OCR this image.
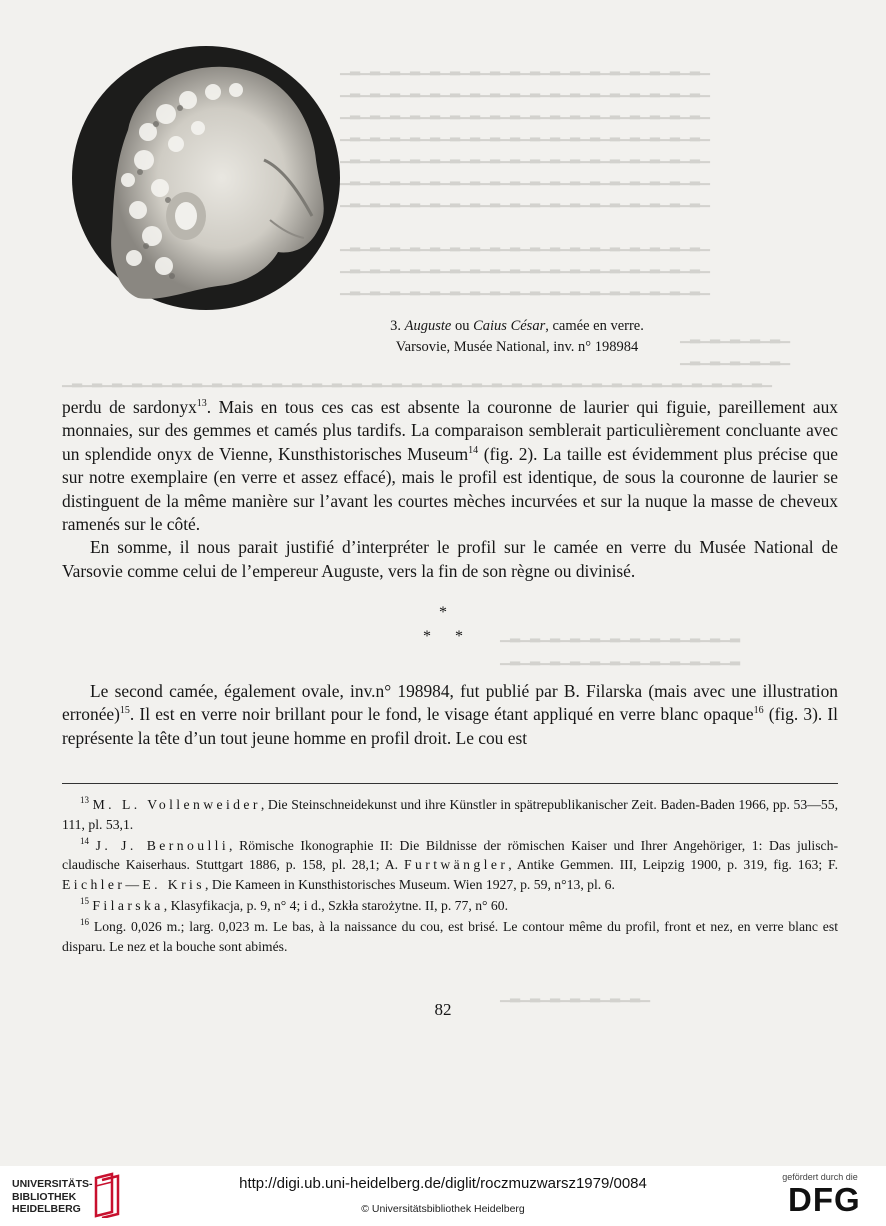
▁▂▁▂▁▂▁▂▁▂▁▂▁▂▁▂▁▂▁▂▁▂▁▂▁▂▁▂▁▂▁▂▁▂▁▂▁
▁▂▁▂▁▂▁▂▁▂▁▂▁▂▁▂▁▂▁▂▁▂▁▂▁▂▁▂▁▂▁▂▁▂▁▂▁
▁▂▁▂▁▂▁▂▁▂▁▂▁▂▁▂▁▂▁▂▁▂▁▂▁▂▁▂▁▂▁▂▁▂▁▂▁
▁▂▁▂▁▂▁▂▁▂▁▂▁▂▁▂▁▂▁▂▁▂▁▂▁▂▁▂▁▂▁▂▁▂▁▂▁
▁▂▁▂▁▂▁▂▁▂▁▂▁▂▁▂▁▂▁▂▁▂▁▂▁▂▁▂▁▂▁▂▁▂▁▂▁
▁▂▁▂▁▂▁▂▁▂▁▂▁▂▁▂▁▂▁▂▁▂▁▂▁▂▁▂▁▂▁▂▁▂▁▂▁
▁▂▁▂▁▂▁▂▁▂▁▂▁▂▁▂▁▂▁▂▁▂▁▂▁▂▁▂▁▂▁▂▁▂▁▂▁
▁▂▁▂▁▂▁▂▁▂▁▂▁▂▁▂▁▂▁▂▁▂▁▂▁▂▁▂▁▂▁▂▁▂▁▂▁
▁▂▁▂▁▂▁▂▁▂▁▂▁▂▁▂▁▂▁▂▁▂▁▂▁▂▁▂▁▂▁▂▁▂▁▂▁
▁▂▁▂▁▂▁▂▁▂▁▂▁▂▁▂▁▂▁▂▁▂▁▂▁▂▁▂▁▂▁▂▁▂▁▂▁
▁▂▁▂▁▂▁▂▁▂▁
▁▂▁▂▁▂▁▂▁▂▁
▁▂▁▂▁▂▁▂▁▂▁▂▁▂▁▂▁▂▁▂▁▂▁▂▁▂▁▂▁▂▁▂▁▂▁▂▁▂▁▂▁▂▁▂▁▂▁▂▁▂▁▂▁▂▁▂▁▂▁▂▁▂▁▂▁▂▁▂▁▂▁
▁▂▁▂▁▂▁▂▁▂▁▂▁▂▁▂▁▂▁▂▁▂▁▂
▁▂▁▂▁▂▁▂▁▂▁▂▁▂▁▂▁▂▁▂▁▂▁▂
▁▂▁▂▁▂▁▂▁▂▁▂▁▂▁
3. Auguste ou Caius César, camée en verre.
Varsovie, Musée National, inv. n° 198984

perdu de sardonyx$^{13}$. Mais en tous ces cas est absente la couronne de laurier qui figuie, pareillement aux monnaies, sur des gemmes et camés plus tardifs. La comparaison semblerait particulièrement concluante avec un splendide onyx de Vienne, Kunsthistorisches Museum$^{14}$ (fig. 2). La taille est évidemment plus précise que sur notre exemplaire (en verre et assez effacé), mais le profil est identique, de sous la couronne de laurier se distinguent de la même manière sur l’avant les courtes mèches incurvées et sur la nuque la masse de cheveux ramenés sur le côté.

En somme, il nous parait justifié d’interpréter le profil sur le camée en verre du Musée National de Varsovie comme celui de l’empereur Auguste, vers la fin de son règne ou divinisé.

*
* *

Le second camée, également ovale, inv.n° 198984, fut publié par B. Filarska (mais avec une illustration erronée)$^{15}$. Il est en verre noir brillant pour le fond, le visage étant appliqué en verre blanc opaque$^{16}$ (fig. 3). Il représente la tête d’un tout jeune homme en profil droit. Le cou est

$^{13}$ M. L. Vollenweider, Die Steinschneidekunst und ihre Künstler in spätrepublikanischer Zeit. Baden-Baden 1966, pp. 53—55, 111, pl. 53,1.

$^{14}$ J. J. Bernoulli, Römische Ikonographie II: Die Bildnisse der römischen Kaiser und Ihrer Angehöriger, 1: Das julisch-claudische Kaiserhaus. Stuttgart 1886, p. 158, pl. 28,1; A. Furtwängler, Antike Gemmen. III, Leipzig 1900, p. 319, fig. 163; F. Eichler—E. Kris, Die Kameen in Kunsthistorisches Museum. Wien 1927, p. 59, n°13, pl. 6.

$^{15}$ Filarska, Klasyfikacja, p. 9, n° 4; i d., Szkła starożytne. II, p. 77, n° 60.

$^{16}$ Long. 0,026 m.; larg. 0,023 m. Le bas, à la naissance du cou, est brisé. Le contour même du profil, front et nez, en verre blanc est disparu. Le nez et la bouche sont abimés.

82
UNIVERSITÄTS-
BIBLIOTHEK
HEIDELBERG
http://digi.ub.uni-heidelberg.de/diglit/roczmuzwarsz1979/0084
© Universitätsbibliothek Heidelberg
gefördert durch die
DFG
